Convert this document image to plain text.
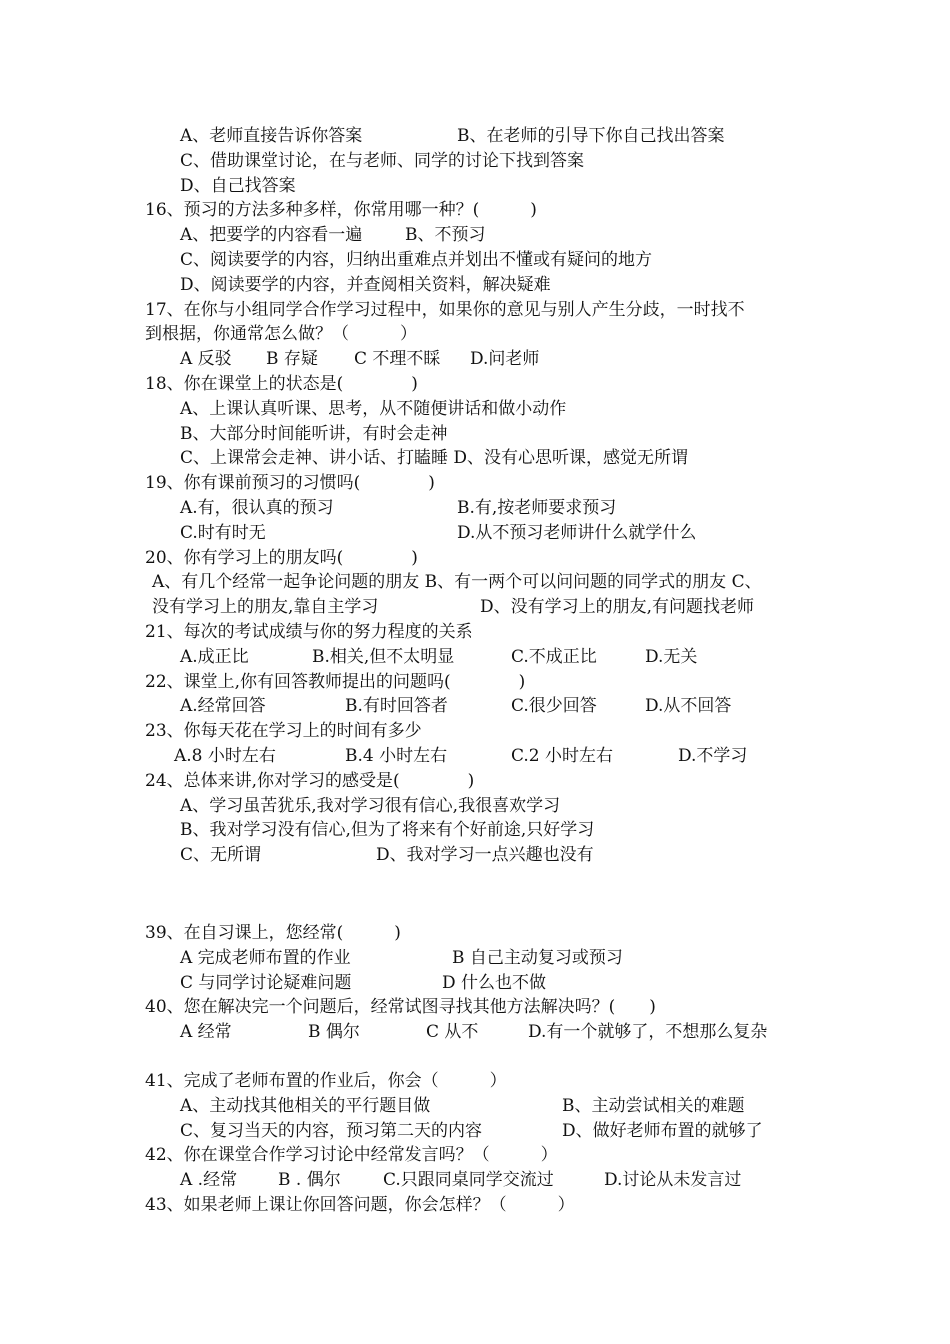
A、老师直接告诉你答案	B、在老师的引导下你自己找出答案
C、借助课堂讨论，在与老师、同学的讨论下找到答案
D、自己找答案
16、预习的方法多种多样，你常用哪一种？(　　　)
A、把要学的内容看一遍	B、不预习
C、阅读要学的内容，归纳出重难点并划出不懂或有疑问的地方
D、阅读要学的内容，并查阅相关资料，解决疑难
17、在你与小组同学合作学习过程中，如果你的意见与别人产生分歧，一时找不
到根据，你通常怎么做？（　　　）
A 反驳 B 存疑 C 不理不睬 D.问老师
18、你在课堂上的状态是(　　　　)
A、上课认真听课、思考，从不随便讲话和做小动作
B、大部分时间能听讲，有时会走神
C、上课常会走神、讲小话、打瞌睡 D、没有心思听课，感觉无所谓
19、你有课前预习的习惯吗(　　　　)
A.有，很认真的预习	B.有,按老师要求预习
C.时有时无	D.从不预习老师讲什么就学什么
20、你有学习上的朋友吗(　　　　)
A、有几个经常一起争论问题的朋友 B、有一两个可以问问题的同学式的朋友 C、
没有学习上的朋友,靠自主学习	D、没有学习上的朋友,有问题找老师
21、每次的考试成绩与你的努力程度的关系
A.成正比	B.相关,但不太明显	C.不成正比	D.无关
22、课堂上,你有回答教师提出的问题吗(　　　　)
A.经常回答	B.有时回答者	C.很少回答	D.从不回答
23、你每天花在学习上的时间有多少
A.8 小时左右	B.4 小时左右	C.2 小时左右	D.不学习
24、总体来讲,你对学习的感受是(　　　　)
A、学习虽苦犹乐,我对学习很有信心,我很喜欢学习
B、我对学习没有信心,但为了将来有个好前途,只好学习
C、无所谓	D、我对学习一点兴趣也没有
39、在自习课上，您经常(　　　)
A 完成老师布置的作业	B 自己主动复习或预习
C 与同学讨论疑难问题	D 什么也不做
40、您在解决完一个问题后，经常试图寻找其他方法解决吗？(　　)
A 经常	B 偶尔	C 从不	D.有一个就够了，不想那么复杂
41、完成了老师布置的作业后，你会（　　　）
A、主动找其他相关的平行题目做	B、主动尝试相关的难题
C、复习当天的内容，预习第二天的内容	D、做好老师布置的就够了
42、你在课堂合作学习讨论中经常发言吗？（　　　）
A .经常 B . 偶尔 C.只跟同桌同学交流过	D.讨论从未发言过
43、如果老师上课让你回答问题，你会怎样？（　　　）
